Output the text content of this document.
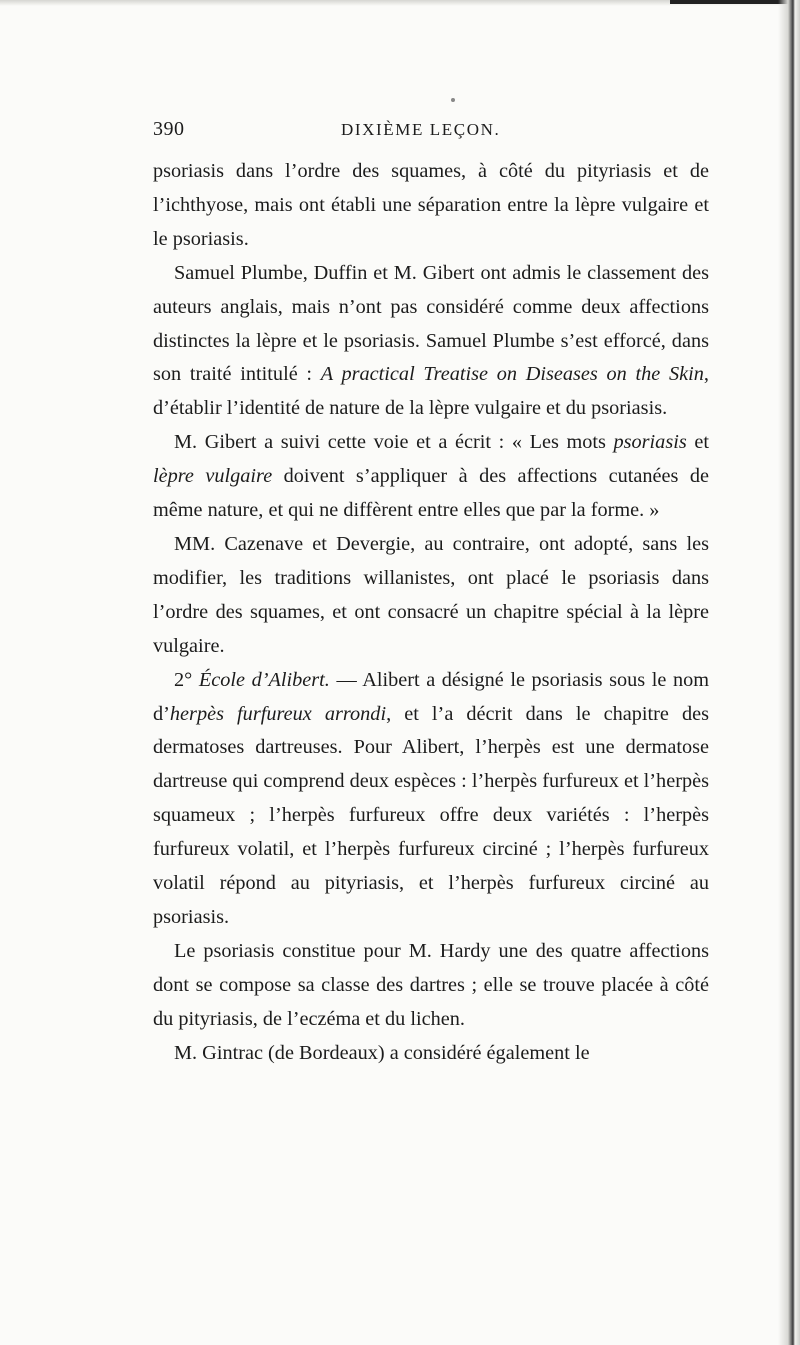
390	DIXIÈME LEÇON.

psoriasis dans l’ordre des squames, à côté du pityriasis et de l’ichthyose, mais ont établi une séparation entre la lèpre vulgaire et le psoriasis.

Samuel Plumbe, Duffin et M. Gibert ont admis le classement des auteurs anglais, mais n’ont pas considéré comme deux affections distinctes la lèpre et le psoriasis. Samuel Plumbe s’est efforcé, dans son traité intitulé : A practical Treatise on Diseases on the Skin, d’établir l’identité de nature de la lèpre vulgaire et du psoriasis.

M. Gibert a suivi cette voie et a écrit : « Les mots psoriasis et lèpre vulgaire doivent s’appliquer à des affections cutanées de même nature, et qui ne diffèrent entre elles que par la forme. »

MM. Cazenave et Devergie, au contraire, ont adopté, sans les modifier, les traditions willanistes, ont placé le psoriasis dans l’ordre des squames, et ont consacré un chapitre spécial à la lèpre vulgaire.

2° École d’Alibert. — Alibert a désigné le psoriasis sous le nom d’herpès furfureux arrondi, et l’a décrit dans le chapitre des dermatoses dartreuses. Pour Alibert, l’herpès est une dermatose dartreuse qui comprend deux espèces : l’herpès furfureux et l’herpès squameux ; l’herpès furfureux offre deux variétés : l’herpès furfureux volatil, et l’herpès furfureux circiné ; l’herpès furfureux volatil répond au pityriasis, et l’herpès furfureux circiné au psoriasis.

Le psoriasis constitue pour M. Hardy une des quatre affections dont se compose sa classe des dartres ; elle se trouve placée à côté du pityriasis, de l’eczéma et du lichen.

M. Gintrac (de Bordeaux) a considéré également le
